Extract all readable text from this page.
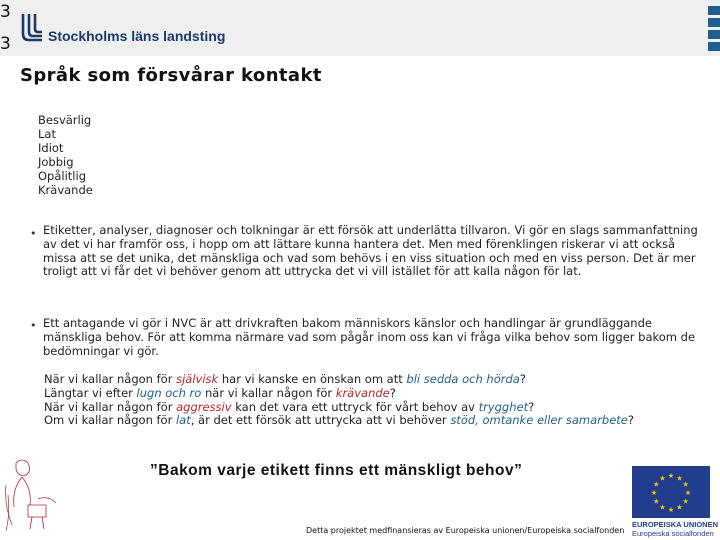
3
3	Stockholms läns landsting
Språk som försvårar kontakt
Besvärlig
Lat
Idiot
Jobbig
Opålitlig
Krävande
• Etiketter, analyser, diagnoser och tolkningar är ett försök att underlätta tillvaron. Vi gör en slags sammanfattning av det vi har framför oss, i hopp om att lättare kunna hantera det. Men med förenklingen riskerar vi att också missa att se det unika, det mänskliga och vad som behövs i en viss situation och med en viss person. Det är mer troligt att vi får det vi behöver genom att uttrycka det vi vill istället för att kalla någon för lat.
• Ett antagande vi gör i NVC är att drivkraften bakom människors känslor och handlingar är grundläggande mänskliga behov. För att komma närmare vad som pågår inom oss kan vi fråga vilka behov som ligger bakom de bedömningar vi gör.
När vi kallar någon för självisk har vi kanske en önskan om att bli sedda och hörda?
Längtar vi efter lugn och ro när vi kallar någon för krävande?
När vi kallar någon för aggressiv kan det vara ett uttryck för vårt behov av trygghet?
Om vi kallar någon för lat, är det ett försök att uttrycka att vi behöver stöd, omtanke eller samarbete?
”Bakom varje etikett finns ett mänskligt behov”
Detta projektet medfinansieras av Europeiska unionen/Europeiska socialfonden
★ ★
★
★
★
★
★
★
★
★
★
★
EUROPEISKA UNIONEN
Europeiska socialfonden
